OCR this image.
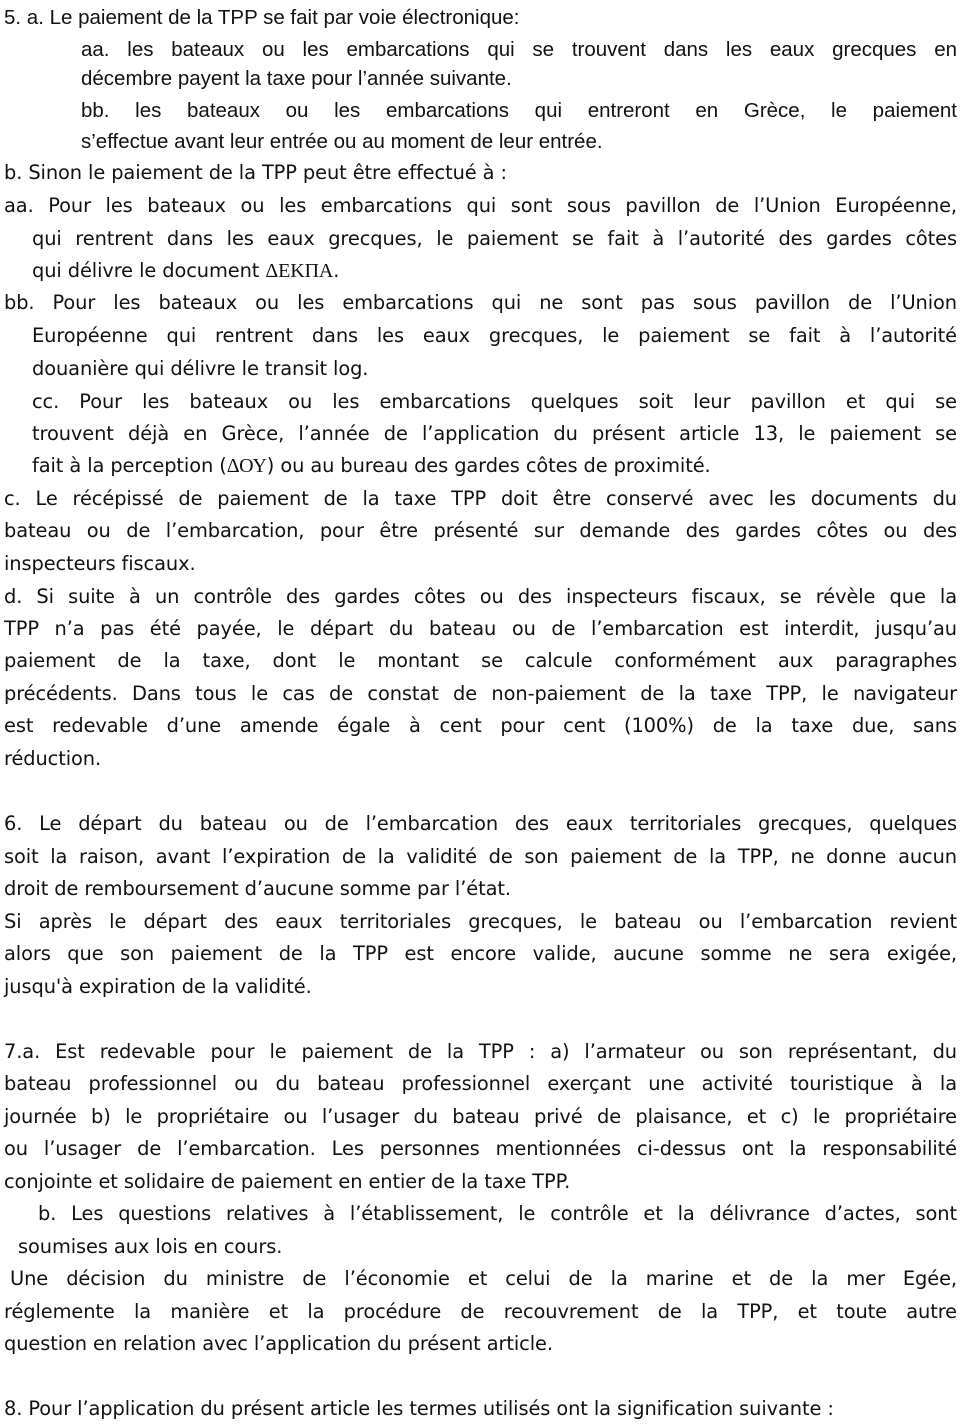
5. a. Le paiement de la TPP se fait par voie électronique:
aa. les bateaux ou les embarcations qui se trouvent dans les eaux grecques en
décembre payent la taxe pour l’année suivante.
bb. les bateaux ou les embarcations qui entreront en Grèce, le paiement
s’effectue avant leur entrée ou au moment de leur entrée.
b. Sinon le paiement de la TPP peut être effectué à :
aa. Pour les bateaux ou les embarcations qui sont sous pavillon de l’Union Européenne,
qui rentrent dans les eaux grecques, le paiement se fait à l’autorité des gardes côtes
qui délivre le document ΔΕΚΠΑ.
bb. Pour les bateaux ou les embarcations qui ne sont pas sous pavillon de l’Union
Européenne qui rentrent dans les eaux grecques, le paiement se fait à l’autorité
douanière qui délivre le transit log.
cc. Pour les bateaux ou les embarcations quelques soit leur pavillon et qui se
trouvent déjà en Grèce, l’année de l’application du présent article 13, le paiement se
fait à la perception (ΔΟΥ) ou au bureau des gardes côtes de proximité.
c. Le récépissé de paiement de la taxe TPP doit être conservé avec les documents du
bateau ou de l’embarcation, pour être présenté sur demande des gardes côtes ou des
inspecteurs fiscaux.
d. Si suite à un contrôle des gardes côtes ou des inspecteurs fiscaux, se révèle que la
TPP n’a pas été payée, le départ du bateau ou de l’embarcation est interdit, jusqu’au
paiement de la taxe, dont le montant se calcule conformément aux paragraphes
précédents. Dans tous le cas de constat de non-paiement de la taxe TPP, le navigateur
est redevable d’une amende égale à cent pour cent (100%) de la taxe due, sans
réduction.
6. Le départ du bateau ou de l’embarcation des eaux territoriales grecques, quelques
soit la raison, avant l’expiration de la validité de son paiement de la TPP, ne donne aucun
droit de remboursement d’aucune somme par l’état.
Si après le départ des eaux territoriales grecques, le bateau ou l’embarcation revient
alors que son paiement de la TPP est encore valide, aucune somme ne sera exigée,
jusqu'à expiration de la validité.
7.a. Est redevable pour le paiement de la TPP : a) l’armateur ou son représentant, du
bateau professionnel ou du bateau professionnel exerçant une activité touristique à la
journée b) le propriétaire ou l’usager du bateau privé de plaisance, et c) le propriétaire
ou l’usager de l’embarcation. Les personnes mentionnées ci-dessus ont la responsabilité
conjointe et solidaire de paiement en entier de la taxe TPP.
b. Les questions relatives à l’établissement, le contrôle et la délivrance d’actes, sont
soumises aux lois en cours.
Une décision du ministre de l’économie et celui de la marine et de la mer Egée,
réglemente la manière et la procédure de recouvrement de la TPP, et toute autre
question en relation avec l’application du présent article.
8. Pour l’application du présent article les termes utilisés ont la signification suivante :
